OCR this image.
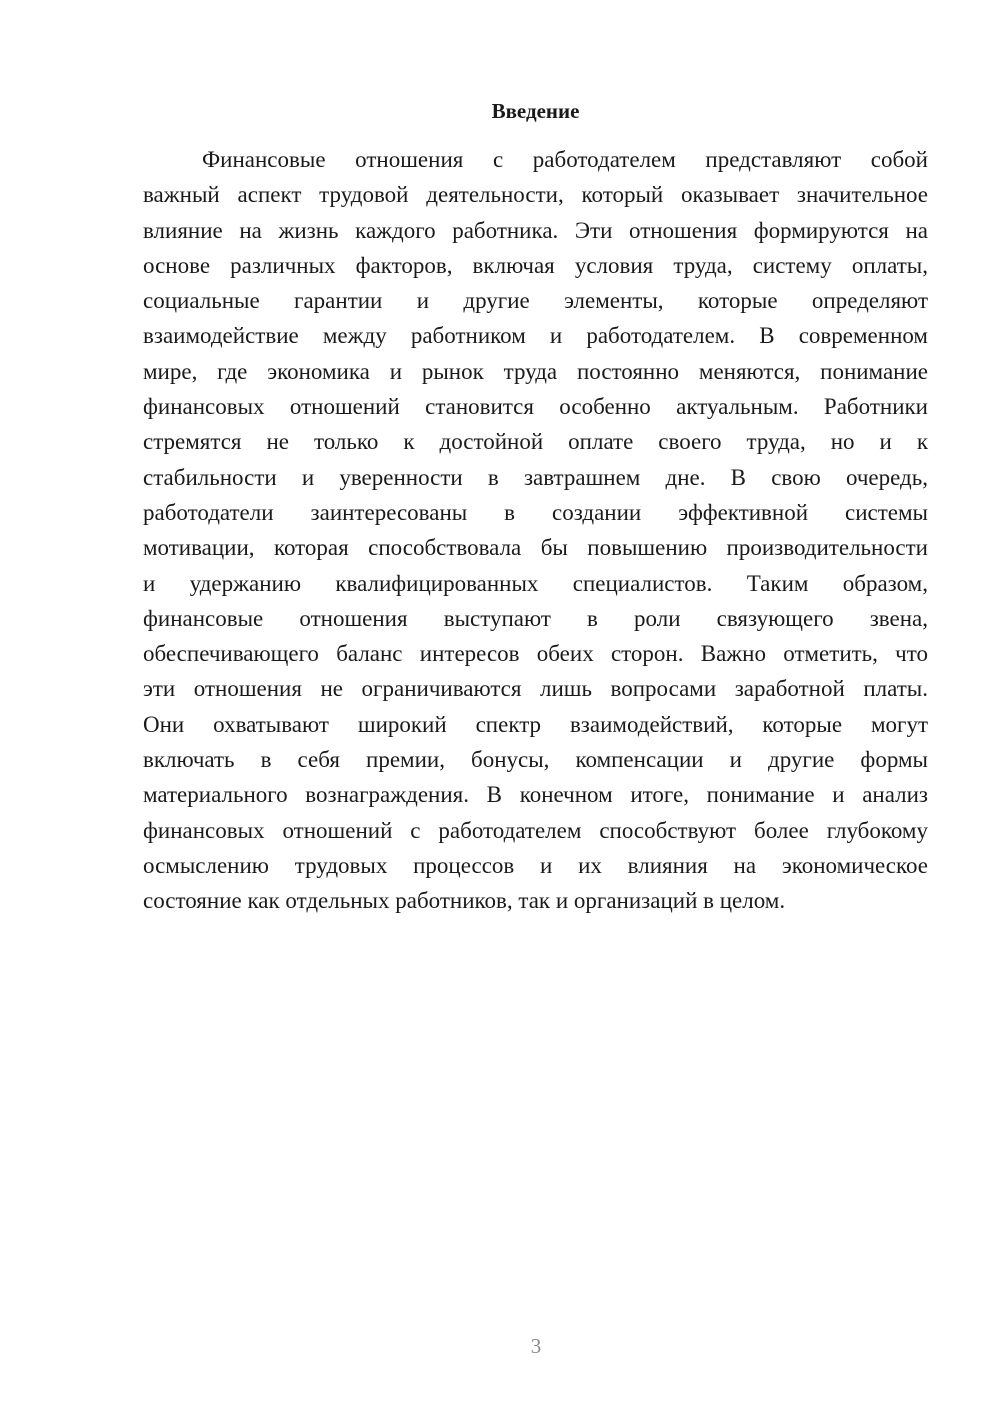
Введение
Финансовые отношения с работодателем представляют собой
важный аспект трудовой деятельности, который оказывает значительное
влияние на жизнь каждого работника. Эти отношения формируются на
основе различных факторов, включая условия труда, систему оплаты,
социальные гарантии и другие элементы, которые определяют
взаимодействие между работником и работодателем. В современном
мире, где экономика и рынок труда постоянно меняются, понимание
финансовых отношений становится особенно актуальным. Работники
стремятся не только к достойной оплате своего труда, но и к
стабильности и уверенности в завтрашнем дне. В свою очередь,
работодатели заинтересованы в создании эффективной системы
мотивации, которая способствовала бы повышению производительности
и удержанию квалифицированных специалистов. Таким образом,
финансовые отношения выступают в роли связующего звена,
обеспечивающего баланс интересов обеих сторон. Важно отметить, что
эти отношения не ограничиваются лишь вопросами заработной платы.
Они охватывают широкий спектр взаимодействий, которые могут
включать в себя премии, бонусы, компенсации и другие формы
материального вознаграждения. В конечном итоге, понимание и анализ
финансовых отношений с работодателем способствуют более глубокому
осмыслению трудовых процессов и их влияния на экономическое
состояние как отдельных работников, так и организаций в целом.
3
